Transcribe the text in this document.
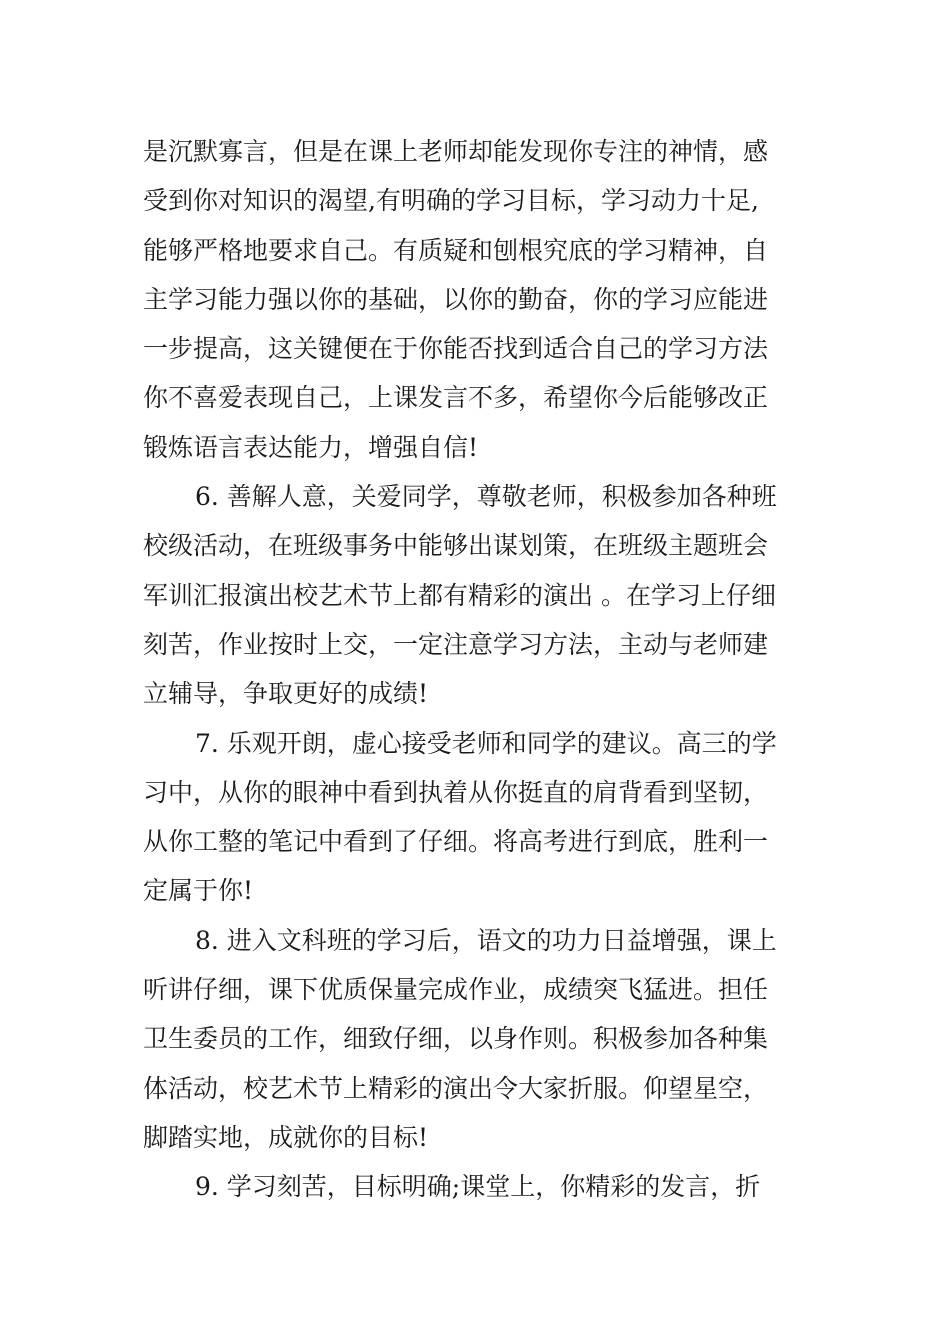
是沉默寡言，但是在课上老师却能发现你专注的神情，感
受到你对知识的渴望,有明确的学习目标，学习动力十足,
能够严格地要求自己。有质疑和刨根究底的学习精神，自
主学习能力强以你的基础，以你的勤奋，你的学习应能进
一步提高，这关键便在于你能否找到适合自己的学习方法
你不喜爱表现自己，上课发言不多，希望你今后能够改正
锻炼语言表达能力，增强自信!
6. 善解人意，关爱同学，尊敬老师，积极参加各种班
校级活动，在班级事务中能够出谋划策，在班级主题班会
军训汇报演出校艺术节上都有精彩的演出 。在学习上仔细
刻苦，作业按时上交，一定注意学习方法，主动与老师建
立辅导，争取更好的成绩!
7. 乐观开朗，虚心接受老师和同学的建议。高三的学
习中，从你的眼神中看到执着从你挺直的肩背看到坚韧，
从你工整的笔记中看到了仔细。将高考进行到底，胜利一
定属于你!
8. 进入文科班的学习后，语文的功力日益增强，课上
听讲仔细，课下优质保量完成作业，成绩突飞猛进。担任
卫生委员的工作，细致仔细，以身作则。积极参加各种集
体活动，校艺术节上精彩的演出令大家折服。仰望星空，
脚踏实地，成就你的目标!
9. 学习刻苦，目标明确;课堂上，你精彩的发言，折
